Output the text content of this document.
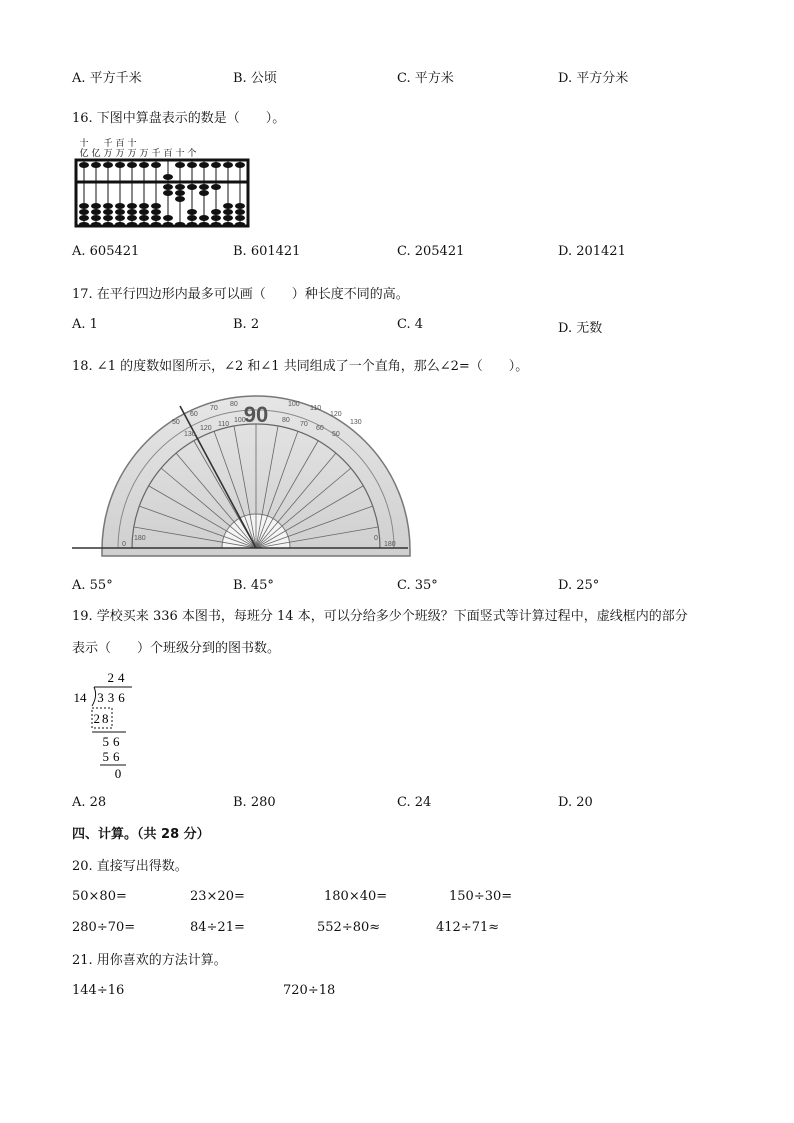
A. 平方千米	B. 公顷	C. 平方米	D. 平方分米
16. 下图中算盘表示的数是（　　）。
十
亿 亿
千
万
百
万
十
万 万 千 百 十 个
A. 605421	B. 601421	C. 205421	D. 201421
17. 在平行四边形内最多可以画（　　）种长度不同的高。
A. 1	B. 2	C. 4	D. 无数
18. ∠1 的度数如图所示，∠2 和∠1 共同组成了一个直角，那么∠2=（　　）。
90
50
60
70
80	100
110
120
130
130
120
110
100	80
70
60
50
0
180
180
0
A. 55°	B. 45°	C. 35°	D. 25°
19. 学校买来 336 本图书，每班分 14 本，可以分给多少个班级？下面竖式等计算过程中，虚线框内的部分
表示（　　）个班级分到的图书数。
24
14 336
28
56
56
0
A. 28	B. 280	C. 24	D. 20
四、计算。（共 28 分）
20. 直接写出得数。
50×80=	23×20=	180×40=	150÷30=
280÷70=	84÷21=	552÷80≈	412÷71≈
21. 用你喜欢的方法计算。
144÷16	720÷18
